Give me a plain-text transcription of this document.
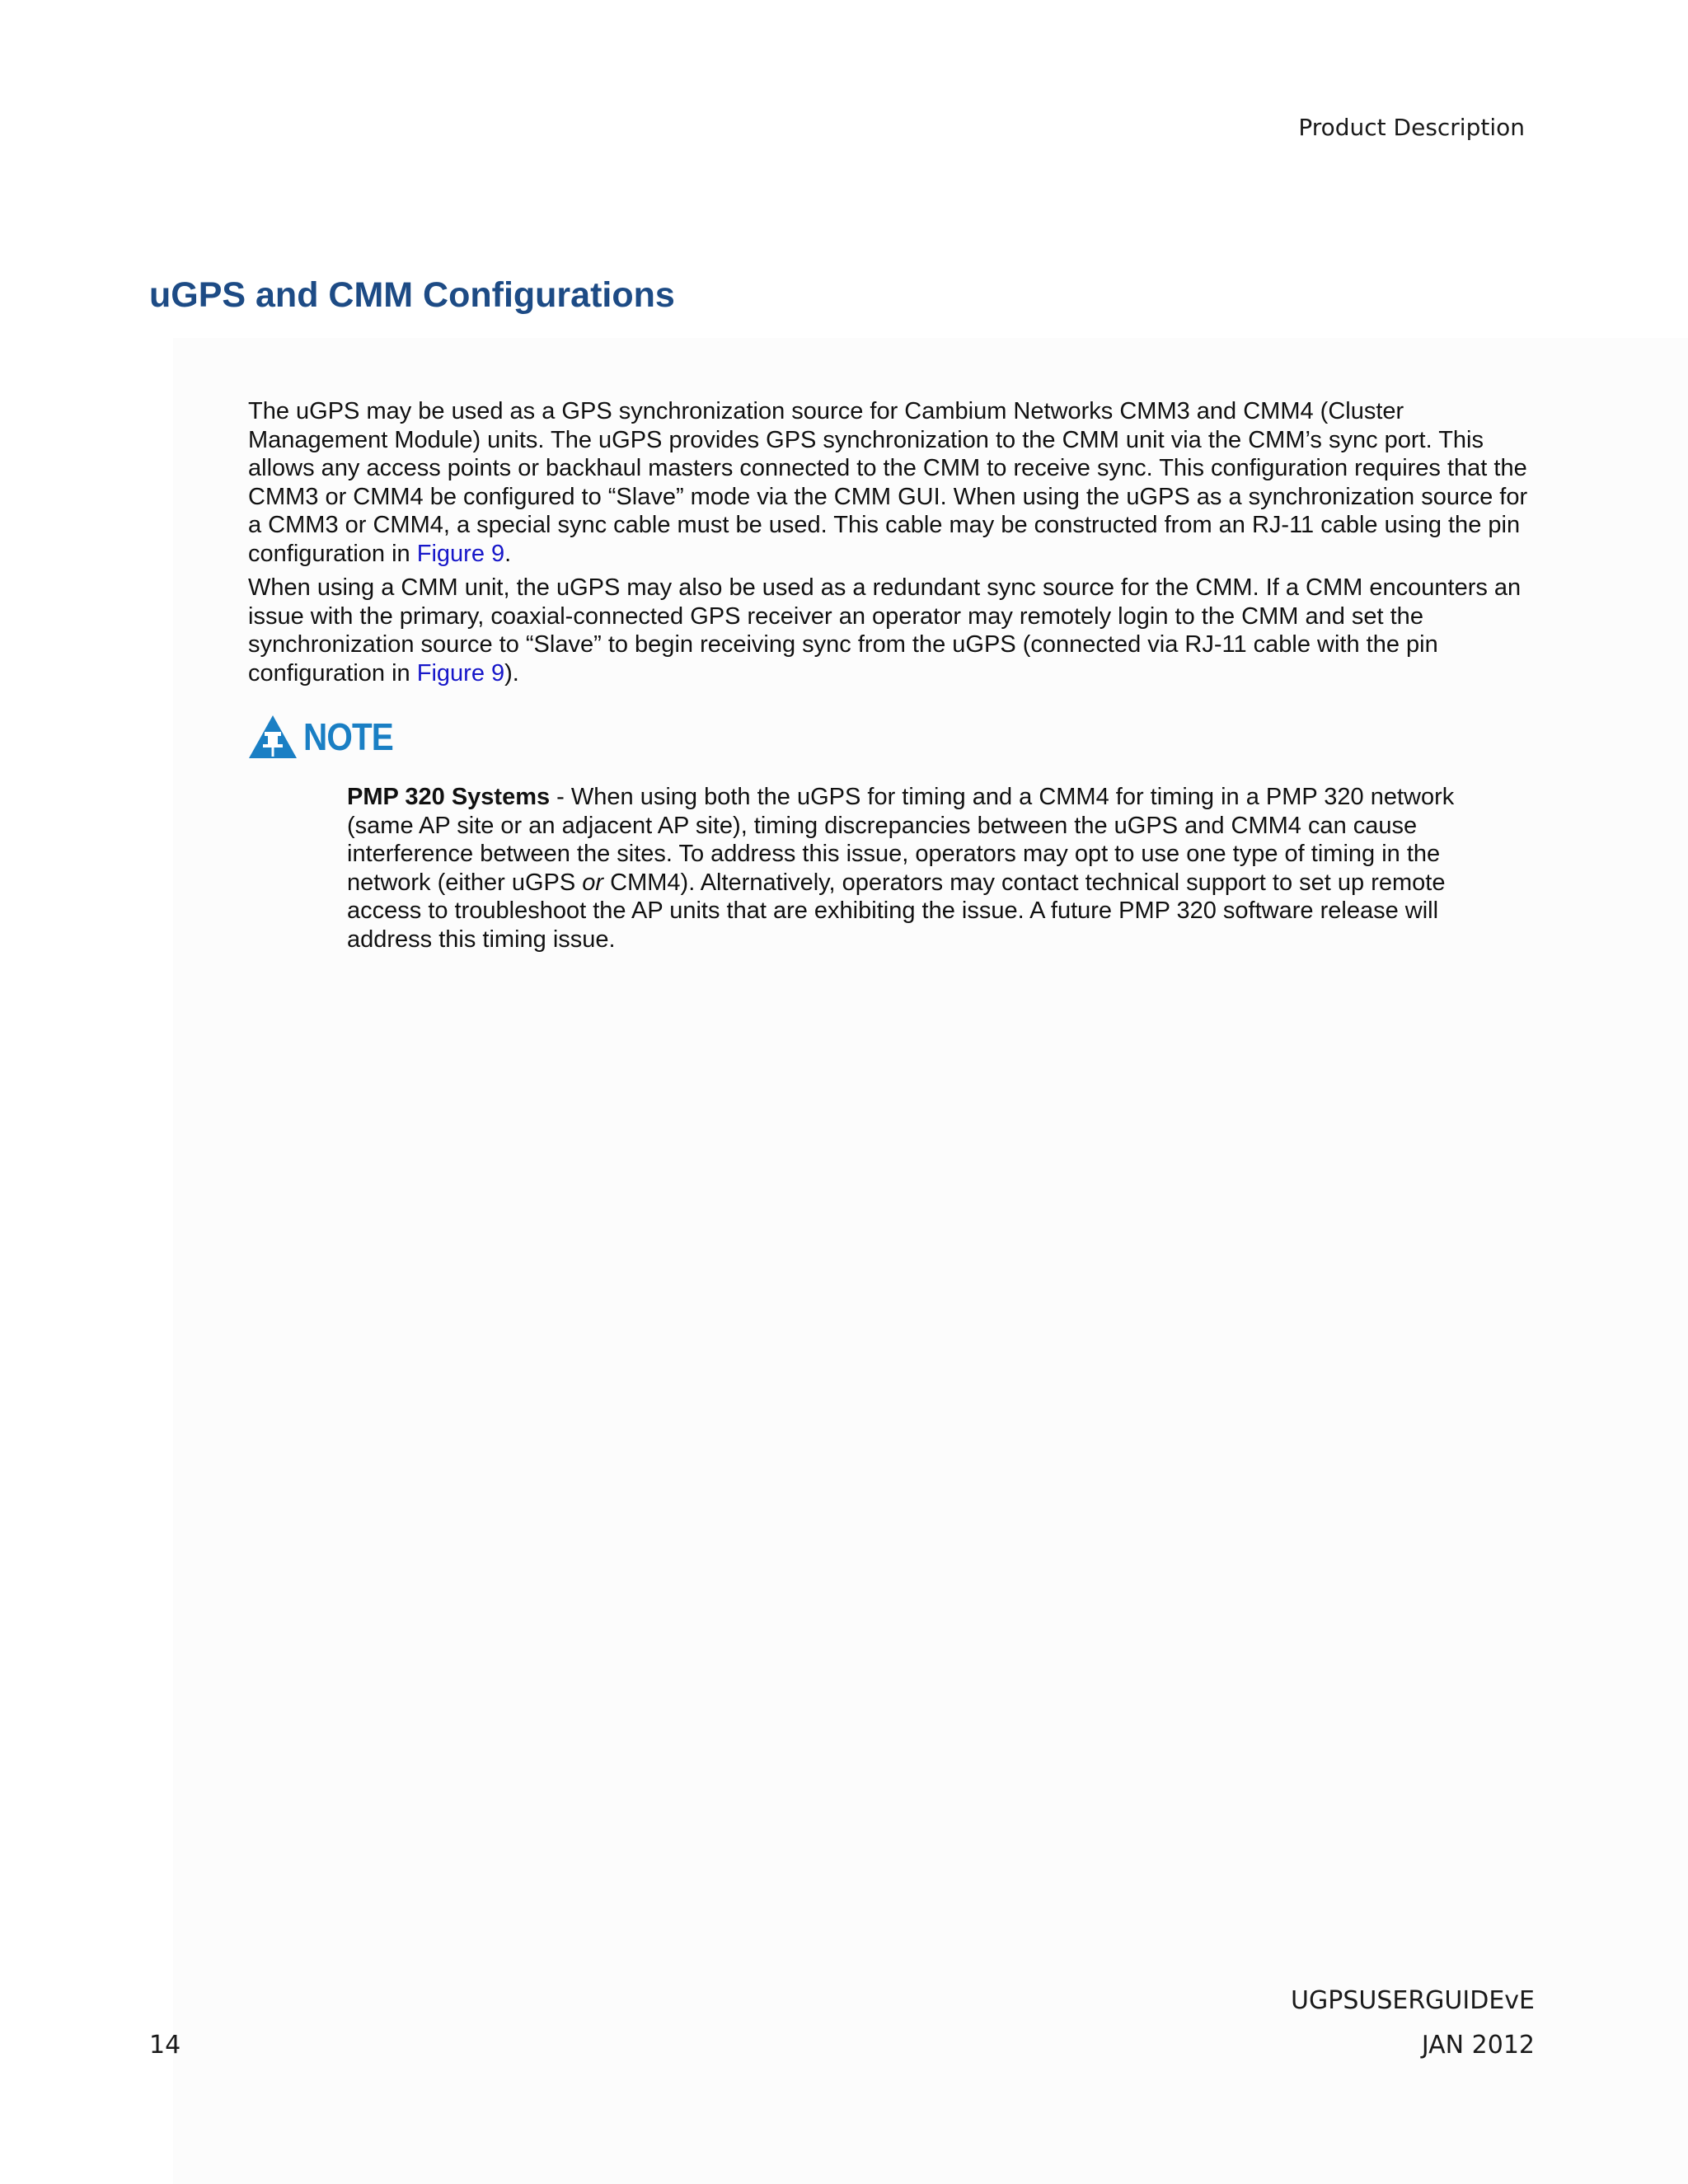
Product Description
uGPS and CMM Configurations

The uGPS may be used as a GPS synchronization source for Cambium Networks CMM3 and CMM4 (Cluster Management Module) units. The uGPS provides GPS synchronization to the CMM unit via the CMM’s sync port. This allows any access points or backhaul masters connected to the CMM to receive sync. This configuration requires that the CMM3 or CMM4 be configured to “Slave” mode via the CMM GUI. When using the uGPS as a synchronization source for a CMM3 or CMM4, a special sync cable must be used. This cable may be constructed from an RJ-11 cable using the pin configuration in Figure 9.

When using a CMM unit, the uGPS may also be used as a redundant sync source for the CMM. If a CMM encounters an issue with the primary, coaxial-connected GPS receiver an operator may remotely login to the CMM and set the synchronization source to “Slave” to begin receiving sync from the uGPS (connected via RJ-11 cable with the pin configuration in Figure 9).

NOTE

PMP 320 Systems - When using both the uGPS for timing and a CMM4 for timing in a PMP 320 network (same AP site or an adjacent AP site), timing discrepancies between the uGPS and CMM4 can cause interference between the sites. To address this issue, operators may opt to use one type of timing in the network (either uGPS or CMM4). Alternatively, operators may contact technical support to set up remote access to troubleshoot the AP units that are exhibiting the issue. A future PMP 320 software release will address this timing issue.

UGPSUSERGUIDEvE
14	JAN 2012
